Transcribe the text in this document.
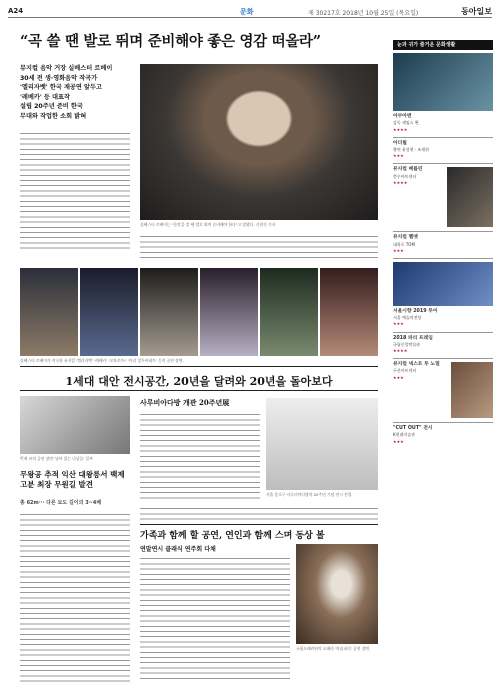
A24	문화	제 30217호 2018년 10월 25일 (목요일)	동아일보
“곡 쓸 땐 발로 뛰며 준비해야 좋은 영감 떠올라”
뮤지컬 음악 거장 실베스터 르베이
30세 전 생·영화음악 작곡가
'엘리자벳' 한국 재공연 앞두고
'레베카' 등 대표작
설립 20주년 준비 한국
무대와 작업한 소회 밝혀
실베스터 르베이는 "음악을 쓸 땐 발로 뛰며 준비해야 한다"고 말했다. 신원건 기자
실베스터 르베이가 작곡한 뮤지컬 '엘리자벳' '레베카' '모차르트!' '마리 앙투아네트' 등의 공연 장면.
1세대 대안 전시공간, 20년을 달려와 20년을 돌아보다
박재 씨의 공연 장면 '남아 있는 나날들' 일부
무왕공 추적 익산 대왕릉서 백제고분 최장 무원길 발견
총 62m··· 다른 묘도 길이의 3~4배
사루비아다방 개관 20주년展
서울 종로구 사루비아다방의 20주년 기념 전시 전경.
가족과 함께 할 공연, 연인과 함께 스며 동상 볼
연말연시 클래식 연주회 다채
국립오페라단의 오페라 '마술피리' 공연 장면.
눈과 귀가 즐거운 문화생활
아쿠아맨
감독 제임스 완
★★★★
아더월
출연 윤상현 · 조재현
★★★
뮤지컬 베를린
충무아트센터
★★★★
뮤지컬 헬멧
대학로 TOM
★★★
서울시향 2019 투어
서울 예술의전당
★★★
2018 파리 프레임
국립중앙박물관
★★★★
뮤지컬 넥스트 투 노멀
두산아트센터
★★★
"CUT OUT" 전시
K현대미술관
★★★
